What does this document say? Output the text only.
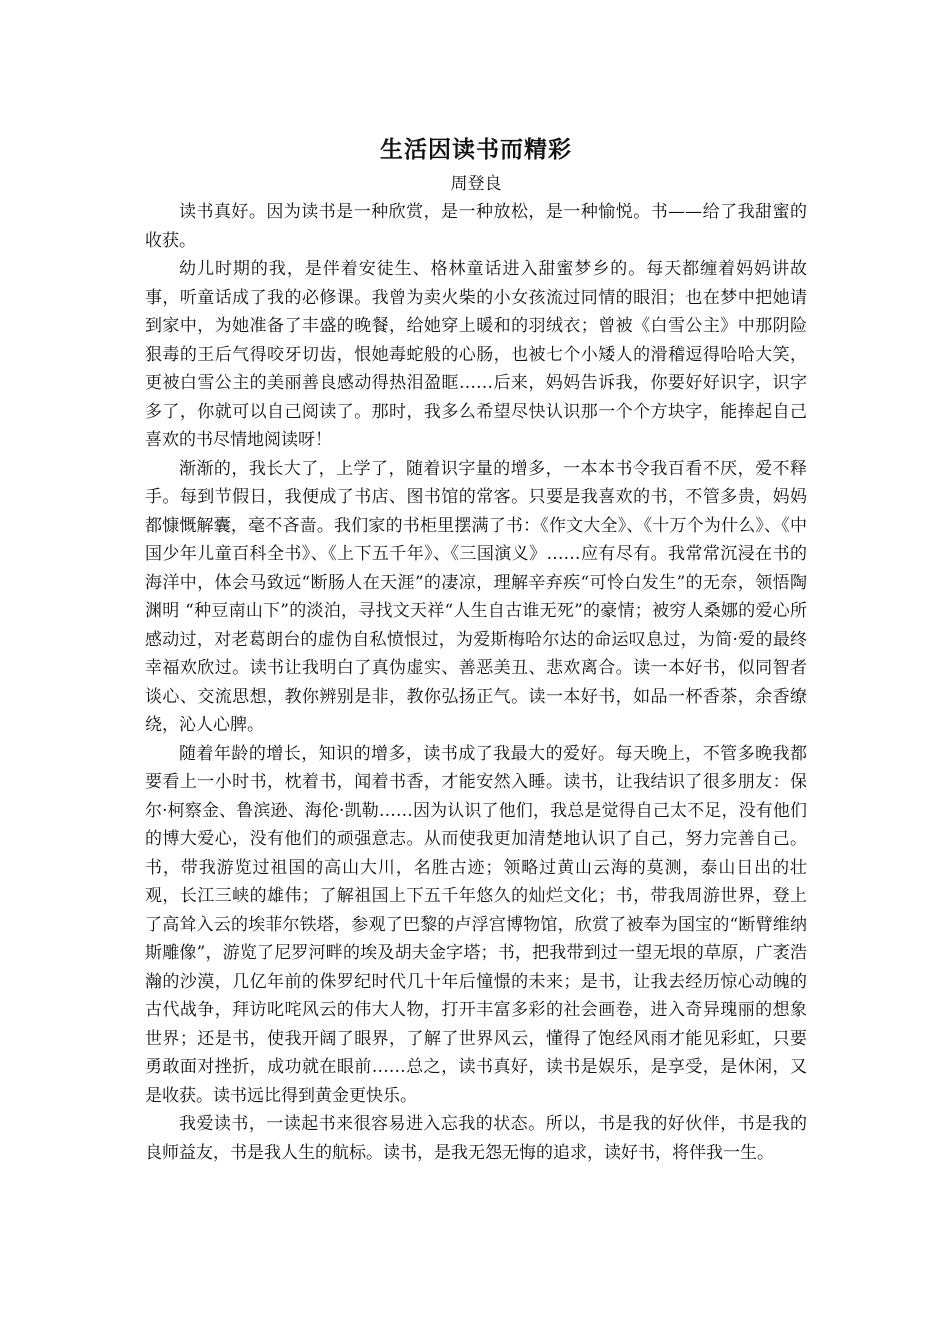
生活因读书而精彩

周登良

读书真好。因为读书是一种欣赏，是一种放松，是一种愉悦。书——给了我甜蜜的收获。

幼儿时期的我，是伴着安徒生、格林童话进入甜蜜梦乡的。每天都缠着妈妈讲故事，听童话成了我的必修课。我曾为卖火柴的小女孩流过同情的眼泪；也在梦中把她请到家中，为她准备了丰盛的晚餐，给她穿上暖和的羽绒衣；曾被《白雪公主》中那阴险狠毒的王后气得咬牙切齿，恨她毒蛇般的心肠，也被七个小矮人的滑稽逗得哈哈大笑，更被白雪公主的美丽善良感动得热泪盈眶……后来，妈妈告诉我，你要好好识字，识字多了，你就可以自己阅读了。那时，我多么希望尽快认识那一个个方块字，能捧起自己喜欢的书尽情地阅读呀！

渐渐的，我长大了，上学了，随着识字量的增多，一本本书令我百看不厌，爱不释手。每到节假日，我便成了书店、图书馆的常客。只要是我喜欢的书，不管多贵，妈妈都慷慨解囊，毫不吝啬。我们家的书柜里摆满了书：《作文大全》、《十万个为什么》、《中国少年儿童百科全书》、《上下五千年》、《三国演义》……应有尽有。我常常沉浸在书的海洋中，体会马致远“断肠人在天涯”的凄凉，理解辛弃疾“可怜白发生”的无奈，领悟陶渊明 “种豆南山下”的淡泊，寻找文天祥“人生自古谁无死”的豪情；被穷人桑娜的爱心所感动过，对老葛朗台的虚伪自私愤恨过，为爱斯梅哈尔达的命运叹息过，为简·爱的最终幸福欢欣过。读书让我明白了真伪虚实、善恶美丑、悲欢离合。读一本好书，似同智者谈心、交流思想，教你辨别是非，教你弘扬正气。读一本好书，如品一杯香茶，余香缭绕，沁人心脾。

随着年龄的增长，知识的增多，读书成了我最大的爱好。每天晚上，不管多晚我都要看上一小时书，枕着书，闻着书香，才能安然入睡。读书，让我结识了很多朋友：保尔·柯察金、鲁滨逊、海伦·凯勒……因为认识了他们，我总是觉得自己太不足，没有他们的博大爱心，没有他们的顽强意志。从而使我更加清楚地认识了自己，努力完善自己。书，带我游览过祖国的高山大川，名胜古迹；领略过黄山云海的莫测，泰山日出的壮观，长江三峡的雄伟；了解祖国上下五千年悠久的灿烂文化；书，带我周游世界，登上了高耸入云的埃菲尔铁塔，参观了巴黎的卢浮宫博物馆，欣赏了被奉为国宝的“断臂维纳斯雕像”，游览了尼罗河畔的埃及胡夫金字塔；书，把我带到过一望无垠的草原，广袤浩瀚的沙漠，几亿年前的侏罗纪时代几十年后憧憬的未来；是书，让我去经历惊心动魄的古代战争，拜访叱咤风云的伟大人物，打开丰富多彩的社会画卷，进入奇异瑰丽的想象世界；还是书，使我开阔了眼界，了解了世界风云，懂得了饱经风雨才能见彩虹，只要勇敢面对挫折，成功就在眼前……总之，读书真好，读书是娱乐，是享受，是休闲，又是收获。读书远比得到黄金更快乐。

我爱读书，一读起书来很容易进入忘我的状态。所以，书是我的好伙伴，书是我的良师益友，书是我人生的航标。读书，是我无怨无悔的追求，读好书，将伴我一生。
